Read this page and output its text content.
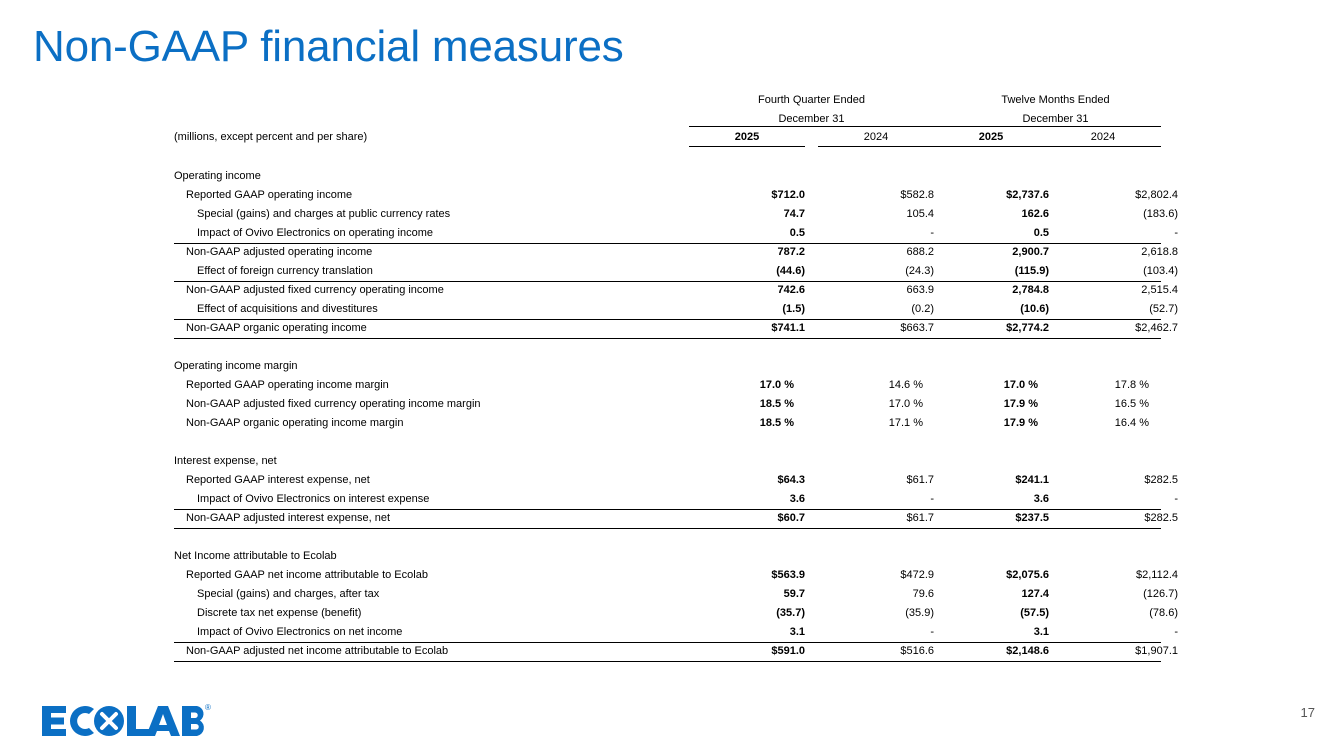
Non-GAAP financial measures
Fourth Quarter Ended
December 31
Twelve Months Ended
December 31
(millions, except percent and per share)	2025	2024	2025	2024
Operating income
Reported GAAP operating income	$712.0	$582.8	$2,737.6	$2,802.4
Special (gains) and charges at public currency rates	74.7	105.4	162.6	(183.6)
Impact of Ovivo Electronics on operating income	0.5	-	0.5	-
Non-GAAP adjusted operating income	787.2	688.2	2,900.7	2,618.8
Effect of foreign currency translation	(44.6)	(24.3)	(115.9)	(103.4)
Non-GAAP adjusted fixed currency operating income	742.6	663.9	2,784.8	2,515.4
Effect of acquisitions and divestitures	(1.5)	(0.2)	(10.6)	(52.7)
Non-GAAP organic operating income	$741.1	$663.7	$2,774.2	$2,462.7
Operating income margin
Reported GAAP operating income margin	17.0 %	14.6 %	17.0 %	17.8 %
Non-GAAP adjusted fixed currency operating income margin	18.5 %	17.0 %	17.9 %	16.5 %
Non-GAAP organic operating income margin	18.5 %	17.1 %	17.9 %	16.4 %
Interest expense, net
Reported GAAP interest expense, net	$64.3	$61.7	$241.1	$282.5
Impact of Ovivo Electronics on interest expense	3.6	-	3.6	-
Non-GAAP adjusted interest expense, net	$60.7	$61.7	$237.5	$282.5
Net Income attributable to Ecolab
Reported GAAP net income attributable to Ecolab	$563.9	$472.9	$2,075.6	$2,112.4
Special (gains) and charges, after tax	59.7	79.6	127.4	(126.7)
Discrete tax net expense (benefit)	(35.7)	(35.9)	(57.5)	(78.6)
Impact of Ovivo Electronics on net income	3.1	-	3.1	-
Non-GAAP adjusted net income attributable to Ecolab	$591.0	$516.6	$2,148.6	$1,907.1
®	17
